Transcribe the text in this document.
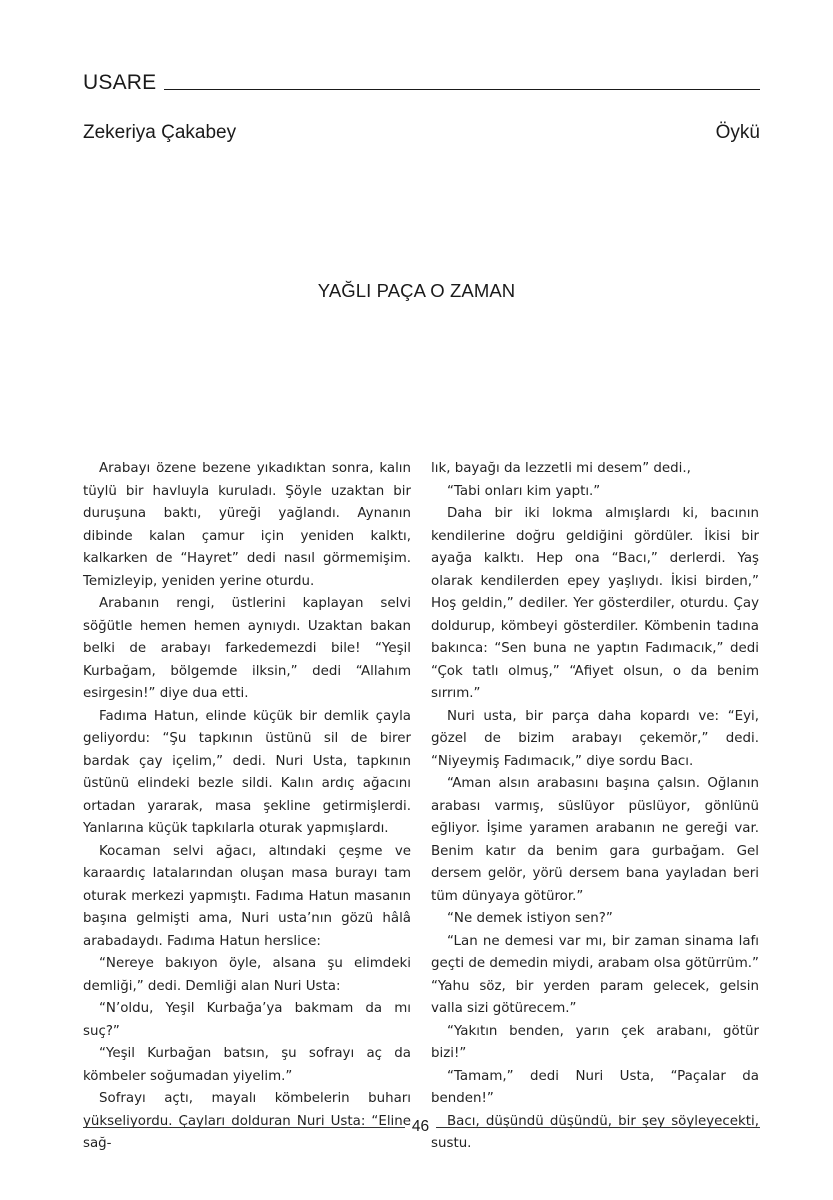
USARE
Zekeriya Çakabey	Öykü
YAĞLI PAÇA O ZAMAN

Arabayı özene bezene yıkadıktan sonra, kalın tüylü bir havluyla kuruladı. Şöyle uzaktan bir duruşuna baktı, yüreği yağlandı. Aynanın dibinde kalan çamur için yeniden kalktı, kalkarken de “Hayret” dedi nasıl görmemişim. Temizleyip, yeniden yerine oturdu.

Arabanın rengi, üstlerini kaplayan selvi söğütle hemen hemen aynıydı. Uzaktan bakan belki de arabayı farkedemezdi bile! “Yeşil Kurbağam, bölgemde ilksin,” dedi “Allahım esirgesin!” diye dua etti.

Fadıma Hatun, elinde küçük bir demlik çayla geliyordu: “Şu tapkının üstünü sil de birer bardak çay içelim,” dedi. Nuri Usta, tapkının üstünü elindeki bezle sildi. Kalın ardıç ağacını ortadan yararak, masa şekline getirmişlerdi. Yanlarına küçük tapkılarla oturak yapmışlardı.

Kocaman selvi ağacı, altındaki çeşme ve karaardıç latalarından oluşan masa burayı tam oturak merkezi yapmıştı. Fadıma Hatun masanın başına gelmişti ama, Nuri usta’nın gözü hâlâ arabadaydı. Fadıma Hatun herslice:

“Nereye bakıyon öyle, alsana şu elimdeki demliği,” dedi. Demliği alan Nuri Usta:

“N’oldu, Yeşil Kurbağa’ya bakmam da mı suç?”

“Yeşil Kurbağan batsın, şu sofrayı aç da kömbeler soğumadan yiyelim.”

Sofrayı açtı, mayalı kömbelerin buharı yükseliyordu. Çayları dolduran Nuri Usta: “Eline sağ-

lık, bayağı da lezzetli mi desem” dedi.,

“Tabi onları kim yaptı.”

Daha bir iki lokma almışlardı ki, bacının kendilerine doğru geldiğini gördüler. İkisi bir ayağa kalktı. Hep ona “Bacı,” derlerdi. Yaş olarak kendilerden epey yaşlıydı. İkisi birden,” Hoş geldin,” dediler. Yer gösterdiler, oturdu. Çay doldurup, kömbeyi gösterdiler. Kömbenin tadına bakınca: “Sen buna ne yaptın Fadımacık,” dedi “Çok tatlı olmuş,” “Afiyet olsun, o da benim sırrım.”

Nuri usta, bir parça daha kopardı ve: “Eyi, gözel de bizim arabayı çekemör,” dedi. “Niyeymiş Fadımacık,” diye sordu Bacı.

“Aman alsın arabasını başına çalsın. Oğlanın arabası varmış, süslüyor püslüyor, gönlünü eğliyor. İşime yaramen arabanın ne gereği var. Benim katır da benim gara gurbağam. Gel dersem gelör, yörü dersem bana yayladan beri tüm dünyaya götüror.”

“Ne demek istiyon sen?”

“Lan ne demesi var mı, bir zaman sinama lafı geçti de demedin miydi, arabam olsa götürrüm.” “Yahu söz, bir yerden param gelecek, gelsin valla sizi götürecem.”

“Yakıtın benden, yarın çek arabanı, götür bizi!”

“Tamam,” dedi Nuri Usta, “Paçalar da benden!”

Bacı, düşündü düşündü, bir şey söyleyecekti, sustu.

46
